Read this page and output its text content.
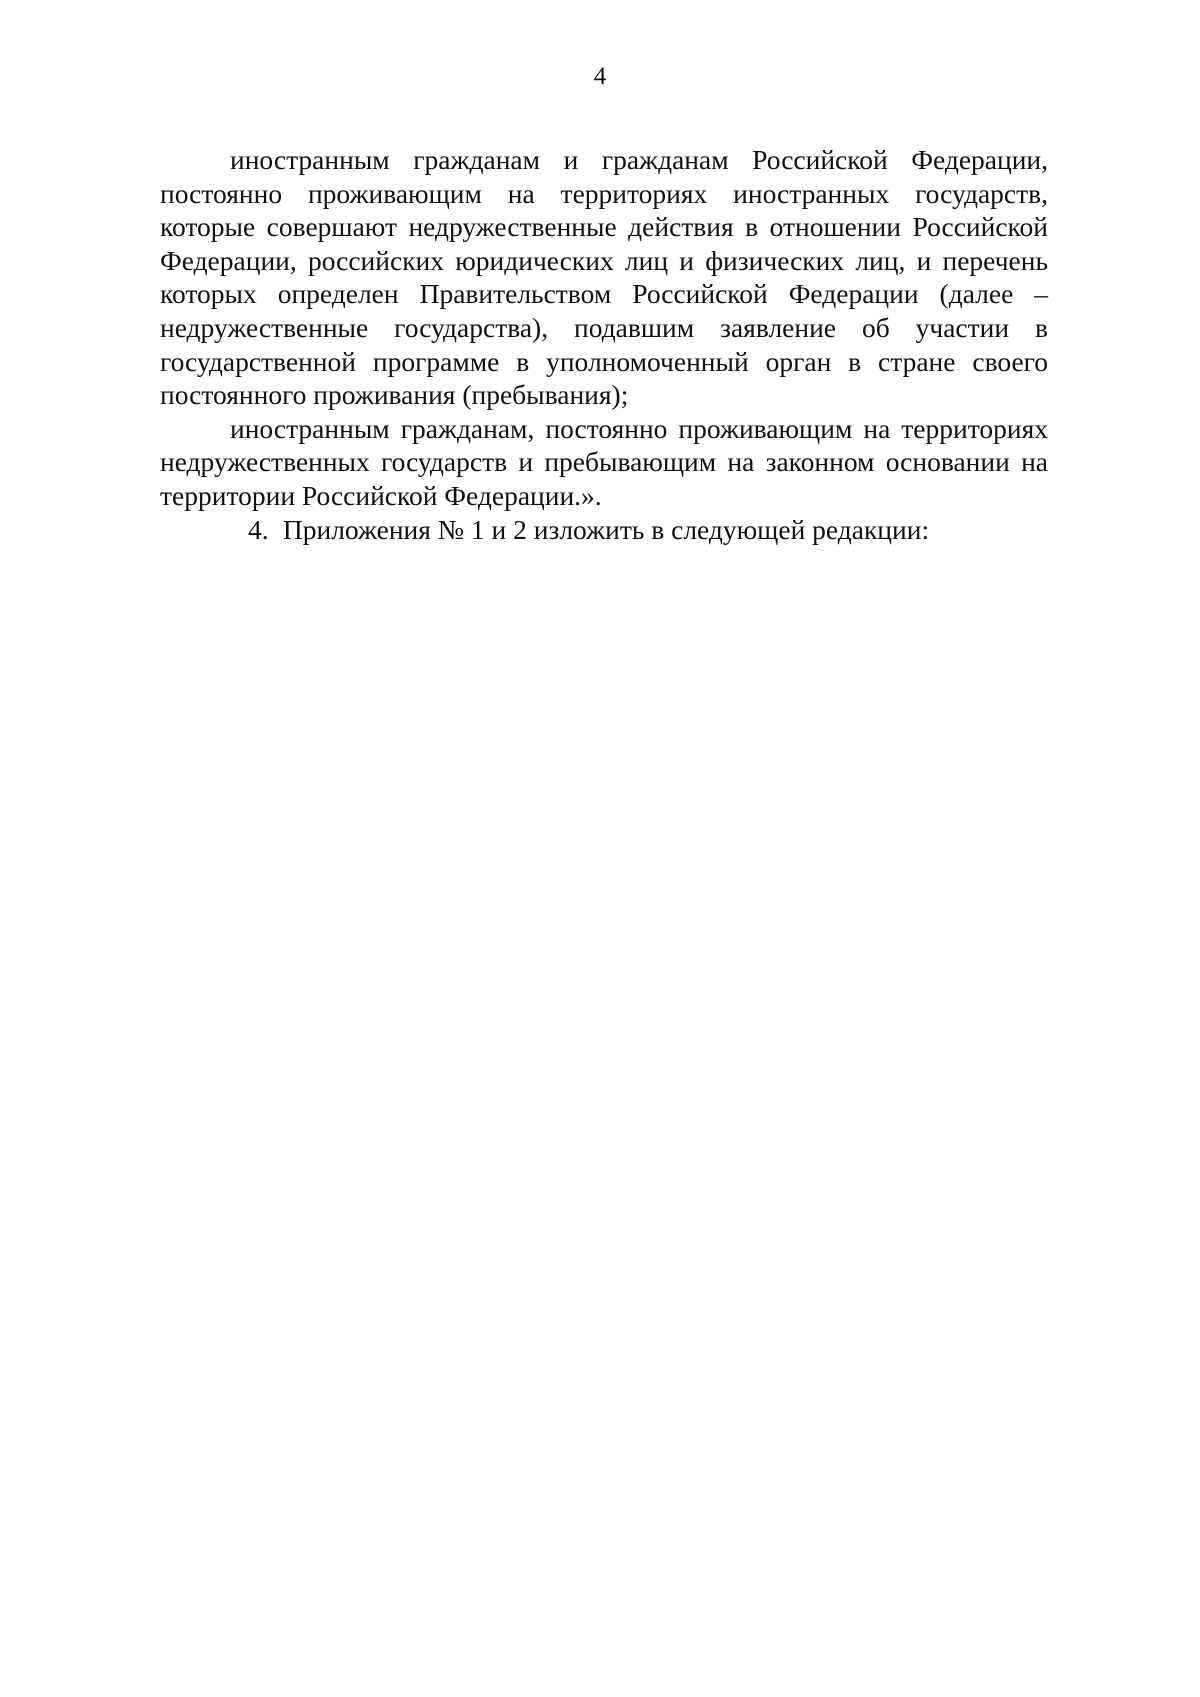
4

иностранным гражданам и гражданам Российской Федерации, постоянно проживающим на территориях иностранных государств, которые совершают недружественные действия в отношении Российской Федерации, российских юридических лиц и физических лиц, и перечень которых определен Правительством Российской Федерации (далее – недружественные государства), подавшим заявление об участии в государственной программе в уполномоченный орган в стране своего постоянного проживания (пребывания);

иностранным гражданам, постоянно проживающим на территориях недружественных государств и пребывающим на законном основании на территории Российской Федерации.».

4. Приложения № 1 и 2 изложить в следующей редакции:
